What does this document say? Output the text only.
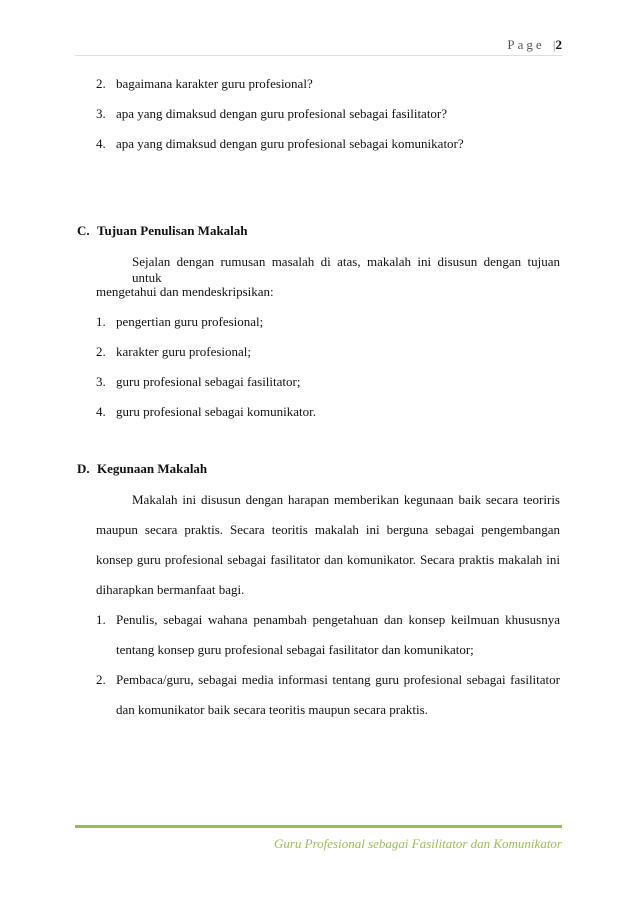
Page |2
2. bagaimana karakter guru profesional?
3. apa yang dimaksud dengan guru profesional sebagai fasilitator?
4. apa yang dimaksud dengan guru profesional sebagai komunikator?
C. Tujuan Penulisan Makalah
Sejalan dengan rumusan masalah di atas, makalah ini disusun dengan tujuan untuk
mengetahui dan mendeskripsikan:
1. pengertian guru profesional;
2. karakter guru profesional;
3. guru profesional sebagai fasilitator;
4. guru profesional sebagai komunikator.
D. Kegunaan Makalah
Makalah ini disusun dengan harapan memberikan kegunaan baik secara teoriris
maupun secara praktis. Secara teoritis makalah ini berguna sebagai pengembangan
konsep guru profesional sebagai fasilitator dan komunikator. Secara praktis makalah ini
diharapkan bermanfaat bagi.
1. Penulis, sebagai wahana penambah pengetahuan dan konsep keilmuan khususnya
tentang konsep guru profesional sebagai fasilitator dan komunikator;
2. Pembaca/guru, sebagai media informasi tentang guru profesional sebagai fasilitator
dan komunikator baik secara teoritis maupun secara praktis.
Guru Profesional sebagai Fasilitator dan Komunikator
